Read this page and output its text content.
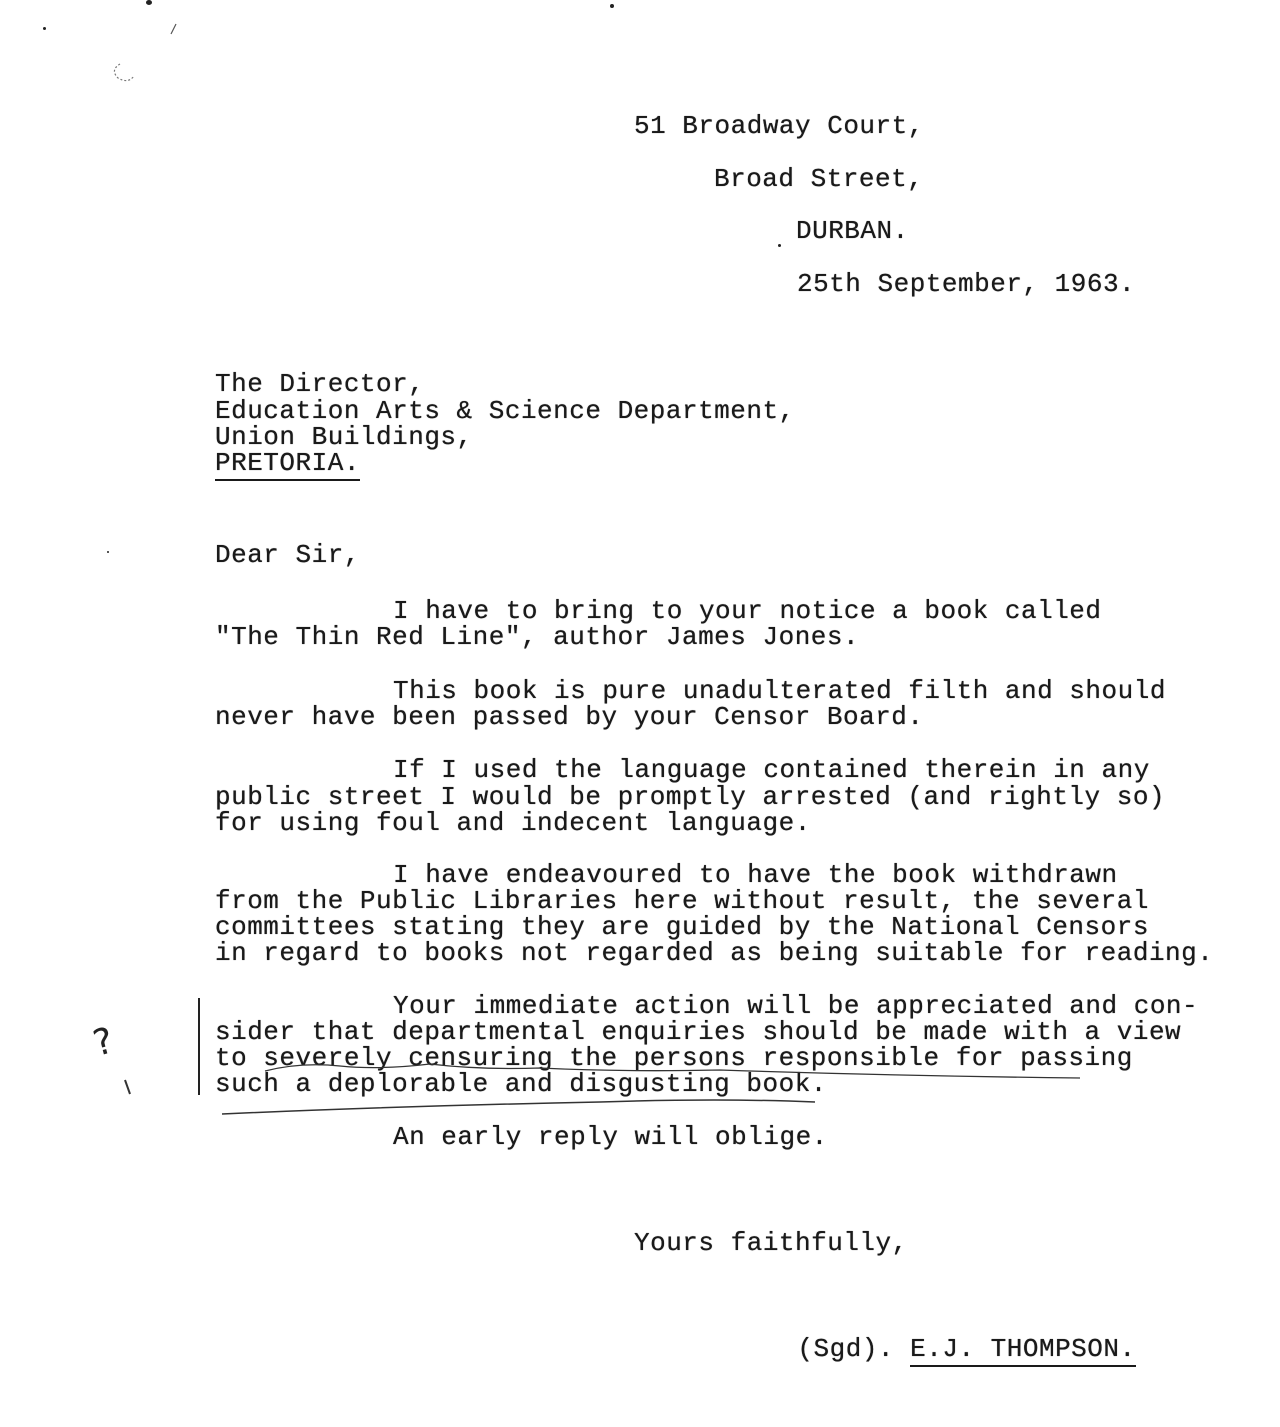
51 Broadway Court,
Broad Street,
DURBAN.
25th September, 1963.
The Director,
Education Arts & Science Department,
Union Buildings,
PRETORIA.
Dear Sir,
I have to bring to your notice a book called
"The Thin Red Line", author James Jones.
This book is pure unadulterated filth and should
never have been passed by your Censor Board.
If I used the language contained therein in any
public street I would be promptly arrested (and rightly so)
for using foul and indecent language.
I have endeavoured to have the book withdrawn
from the Public Libraries here without result, the several
committees stating they are guided by the National Censors
in regard to books not regarded as being suitable for reading.
Your immediate action will be appreciated and con-
sider that departmental enquiries should be made with a view
to severely censuring the persons responsible for passing
such a deplorable and disgusting book.
An early reply will oblige.
?
Yours faithfully,

(Sgd). E.J. THOMPSON.
